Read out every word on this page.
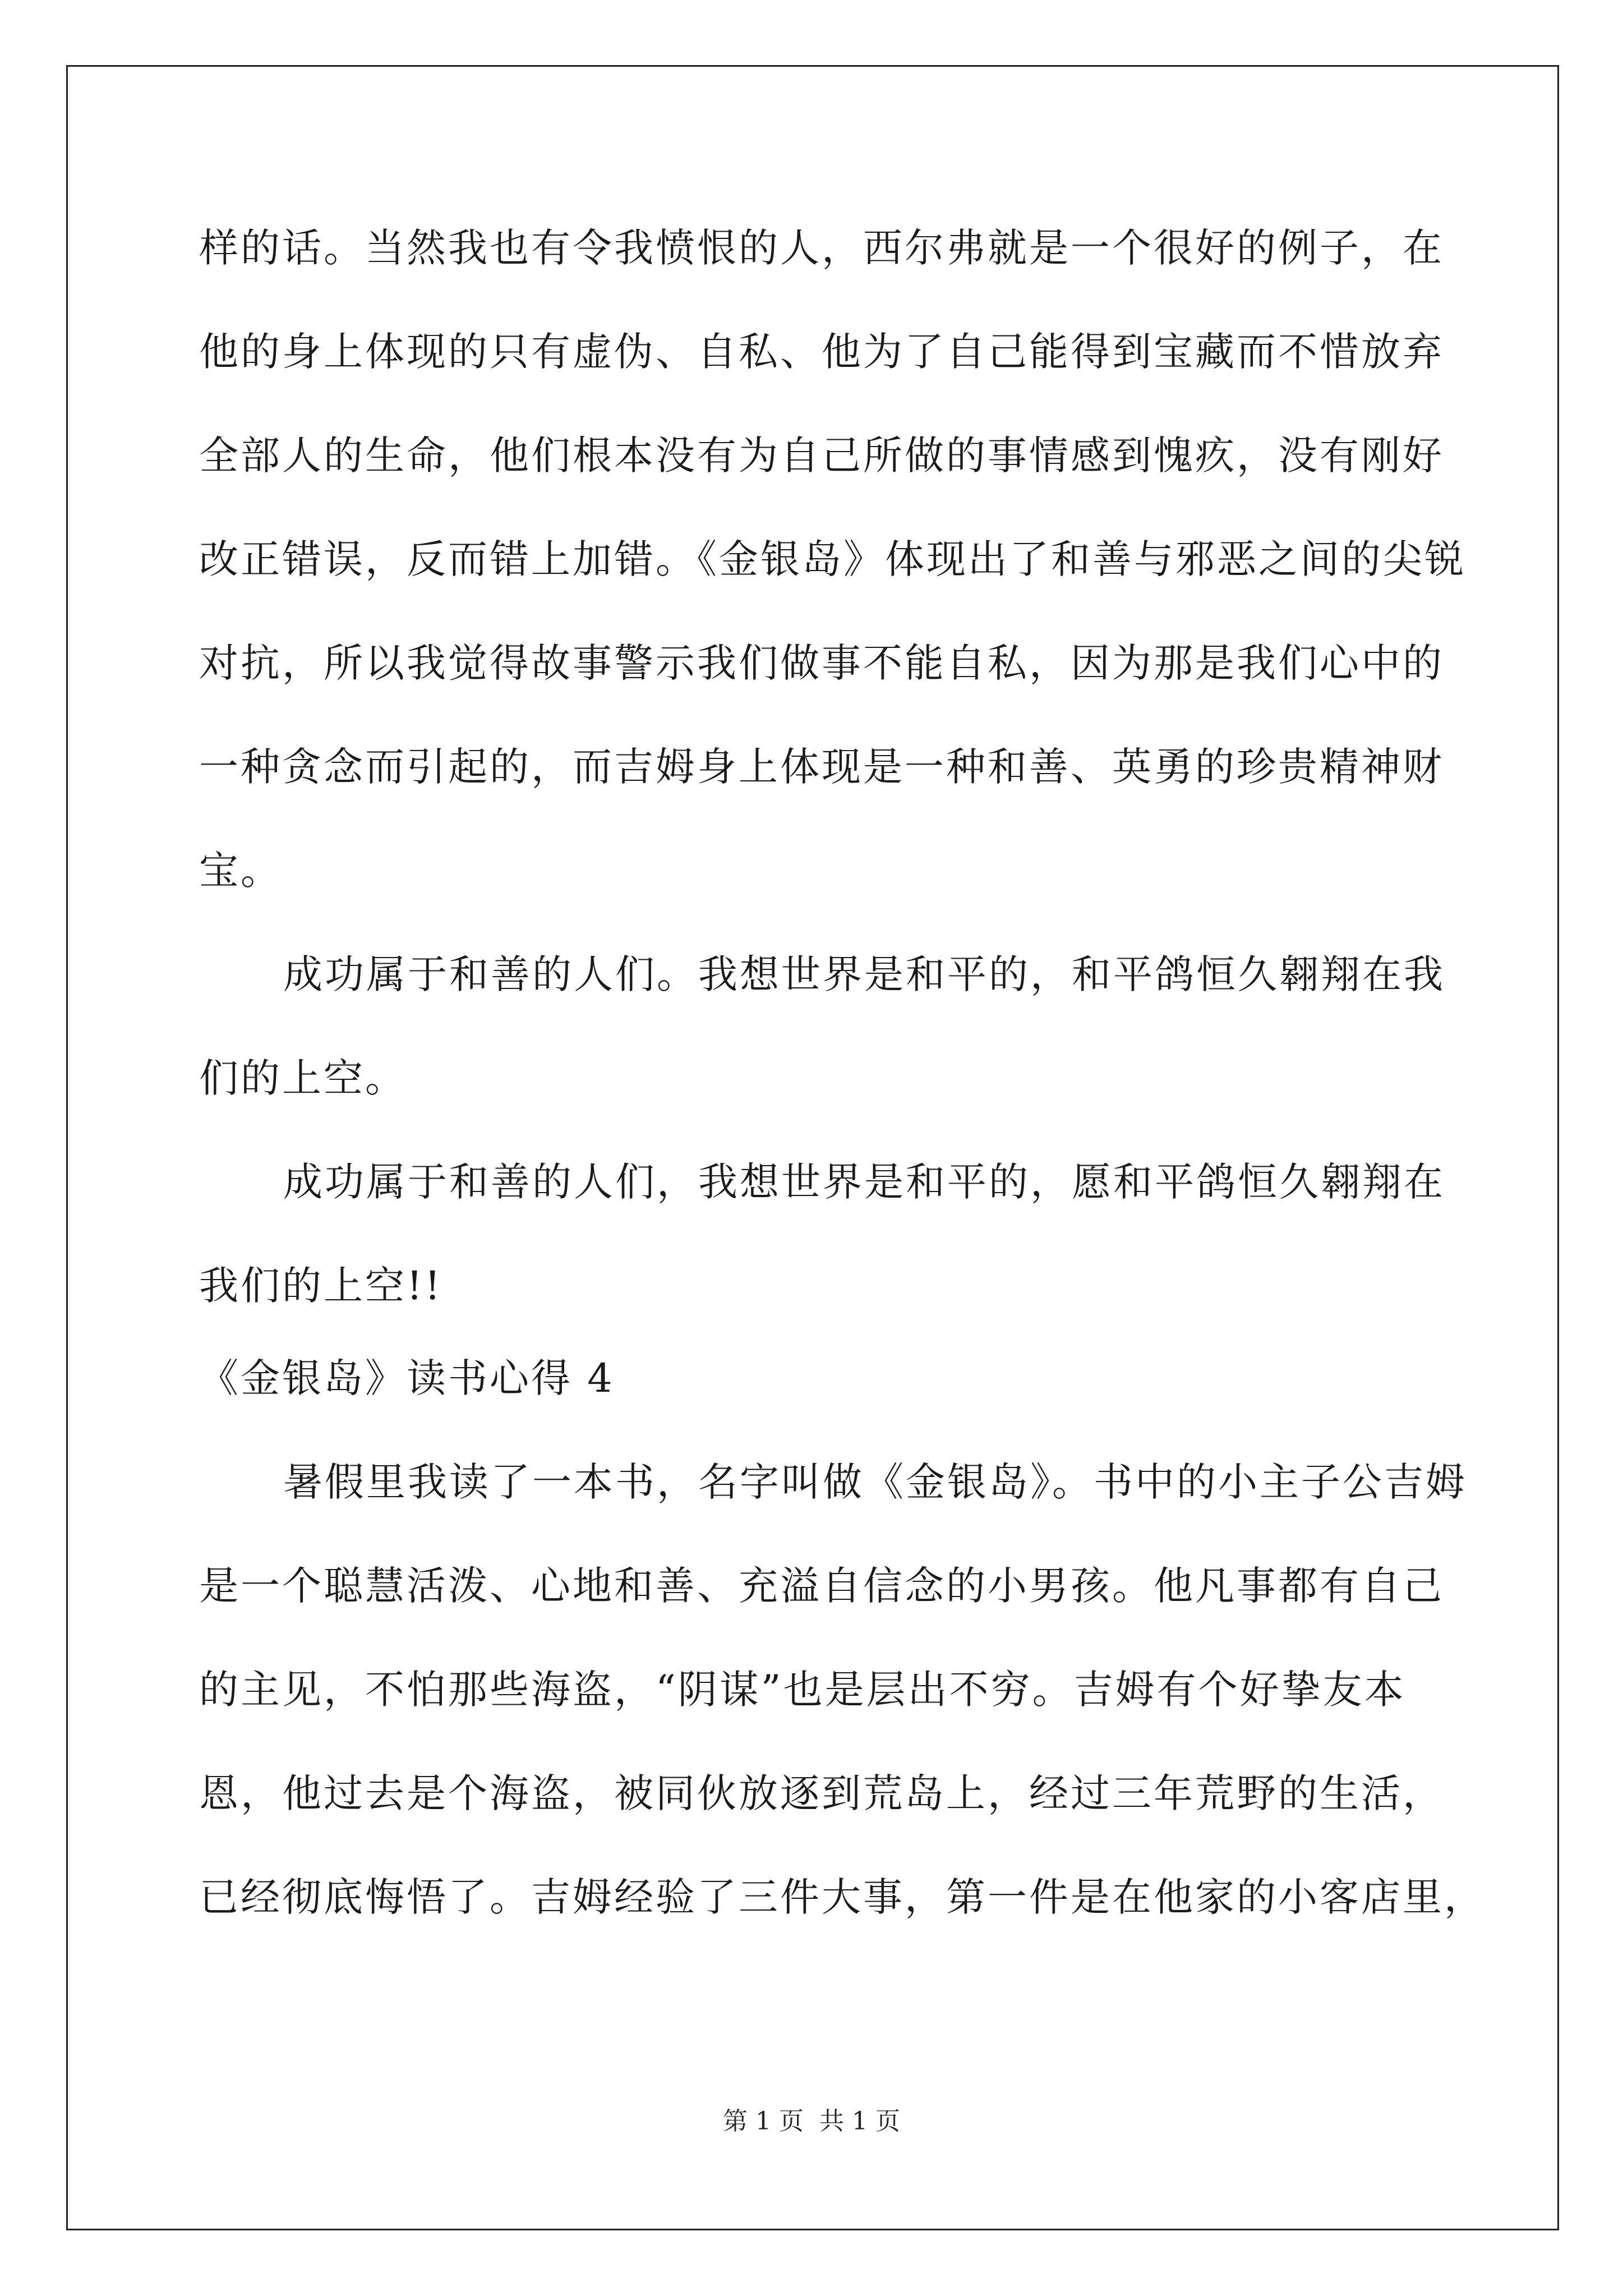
样的话。当然我也有令我愤恨的人，西尔弗就是一个很好的例子，在
他的身上体现的只有虚伪、自私、他为了自己能得到宝藏而不惜放弃
全部人的生命，他们根本没有为自己所做的事情感到愧疚，没有刚好
改正错误，反而错上加错。《金银岛》体现出了和善与邪恶之间的尖锐
对抗，所以我觉得故事警示我们做事不能自私，因为那是我们心中的
一种贪念而引起的，而吉姆身上体现是一种和善、英勇的珍贵精神财
宝。
成功属于和善的人们。我想世界是和平的，和平鸽恒久翱翔在我
们的上空。
成功属于和善的人们，我想世界是和平的，愿和平鸽恒久翱翔在
我们的上空!!
《金银岛》读书心得 4
暑假里我读了一本书，名字叫做《金银岛》。书中的小主子公吉姆
是一个聪慧活泼、心地和善、充溢自信念的小男孩。他凡事都有自己
的主见，不怕那些海盗，“阴谋”也是层出不穷。吉姆有个好挚友本
恩，他过去是个海盗，被同伙放逐到荒岛上，经过三年荒野的生活，
已经彻底悔悟了。吉姆经验了三件大事，第一件是在他家的小客店里，
第 1 页 共 1 页
